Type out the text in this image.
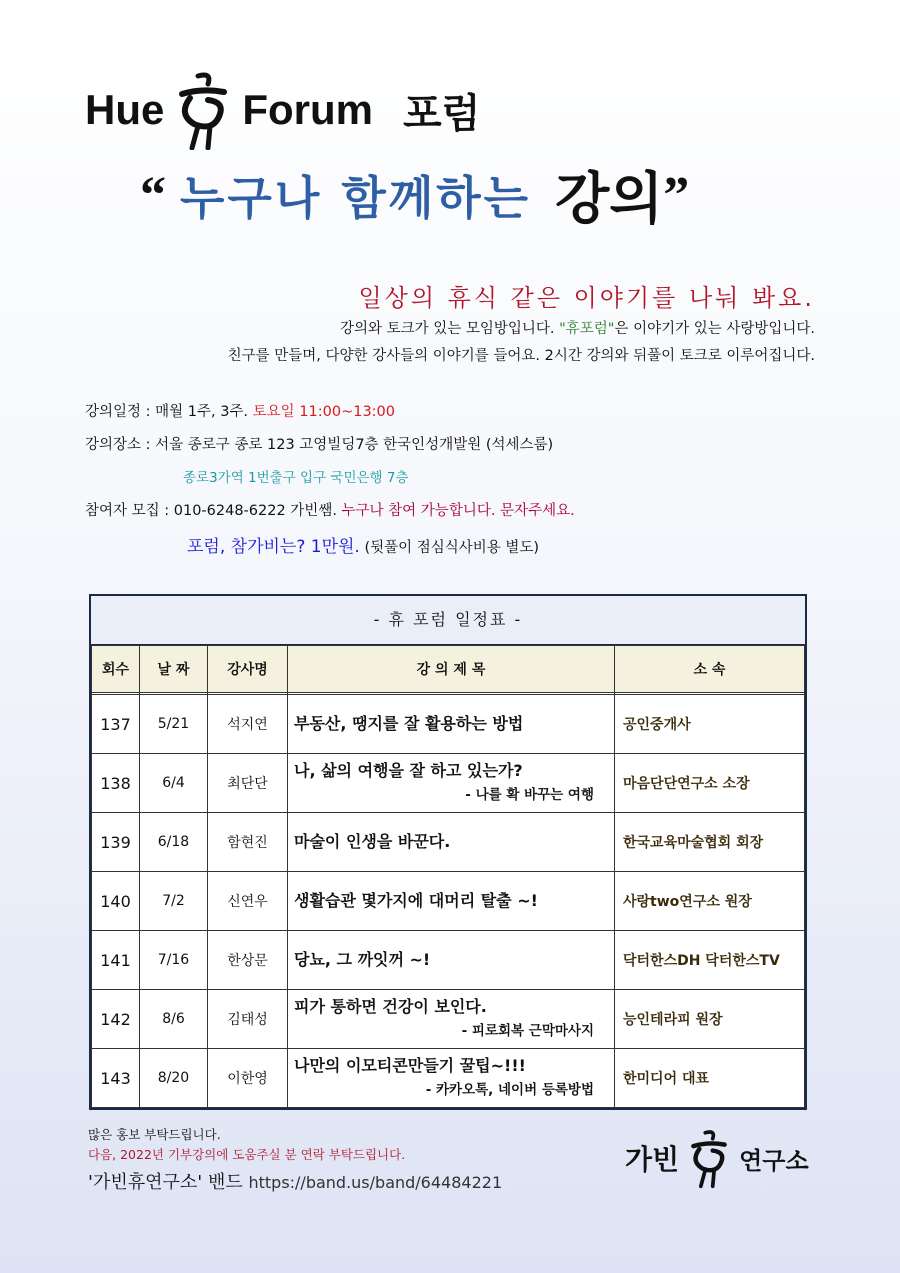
Hue Forum 포럼
“ 누구나 함께하는 강의 ”
일상의 휴식 같은 이야기를 나눠 봐요.
강의와 토크가 있는 모임방입니다. "휴포럼"은 이야기가 있는 사랑방입니다.
친구를 만들며, 다양한 강사들의 이야기를 들어요. 2시간 강의와 뒤풀이 토크로 이루어집니다.
강의일정 : 매월 1주, 3주. 토요일 11:00~13:00
강의장소 : 서울 종로구 종로 123 고영빌딩7층 한국인성개발원 (석세스룸)
종로3가역 1번출구 입구 국민은행 7층
참여자 모집 : 010-6248-6222 가빈쌤. 누구나 참여 가능합니다. 문자주세요.
포럼, 참가비는? 1만원. (뒷풀이 점심식사비용 별도)
- 휴 포럼 일정표 -
회수	날 짜	강사명	강 의 제 목	소 속

137	5/21	석지연	부동산, 땡지를 잘 활용하는 방법	공인중개사
138	6/4	최단단	나, 삶의 여행을 잘 하고 있는가?
- 나를 확 바꾸는 여행	마음단단연구소 소장
139	6/18	함현진	마술이 인생을 바꾼다.	한국교육마술협회 회장
140	7/2	신연우	생활습관 몇가지에 대머리 탈출 ~!	사랑two연구소 원장
141	7/16	한상문	당뇨, 그 까잇꺼 ~!	닥터한스DH 닥터한스TV
142	8/6	김태성	피가 통하면 건강이 보인다.
- 피로회복 근막마사지	능인테라피 원장
143	8/20	이한영	나만의 이모티콘만들기 꿀팁~!!!
- 카카오톡, 네이버 등록방법	한미디어 대표
많은 홍보 부탁드립니다.
다음, 2022년 기부강의에 도움주실 분 연락 부탁드립니다.
'가빈휴연구소' 밴드 https://band.us/band/64484221
가빈	연구소
